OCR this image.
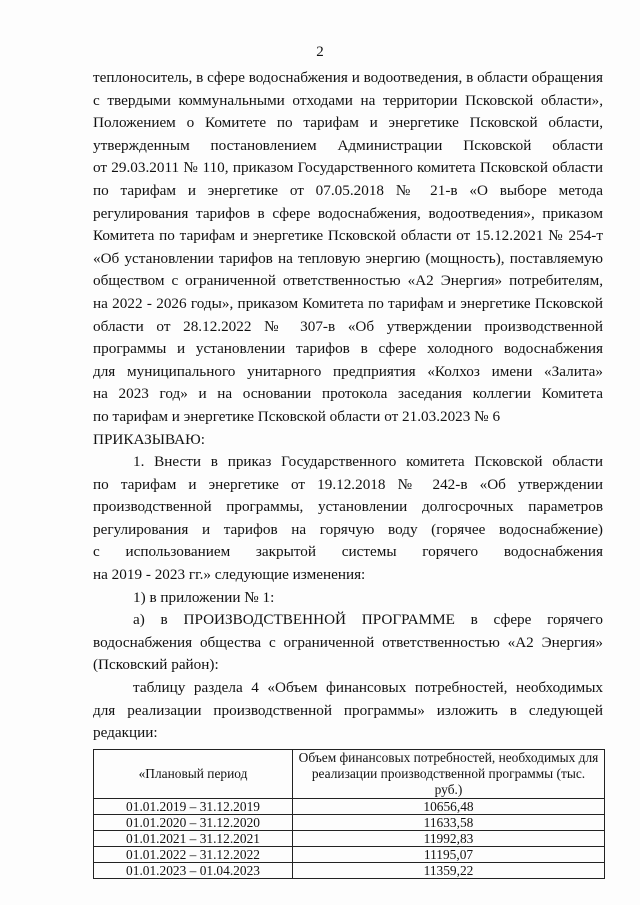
2

теплоноситель, в сфере водоснабжения и водоотведения, в области обращения

с твердыми коммунальными отходами на территории Псковской области»,

Положением о Комитете по тарифам и энергетике Псковской области,

утвержденным постановлением Администрации Псковской области

от 29.03.2011 № 110, приказом Государственного комитета Псковской области

по тарифам и энергетике от 07.05.2018 № 21-в «О выборе метода

регулирования тарифов в сфере водоснабжения, водоотведения», приказом

Комитета по тарифам и энергетике Псковской области от 15.12.2021 № 254-т

«Об установлении тарифов на тепловую энергию (мощность), поставляемую

обществом с ограниченной ответственностью «А2 Энергия» потребителям,

на 2022 - 2026 годы», приказом Комитета по тарифам и энергетике Псковской

области от 28.12.2022 № 307-в «Об утверждении производственной

программы и установлении тарифов в сфере холодного водоснабжения

для муниципального унитарного предприятия «Колхоз имени «Залита»

на 2023 год» и на основании протокола заседания коллегии Комитета

по тарифам и энергетике Псковской области от 21.03.2023 № 6

ПРИКАЗЫВАЮ:

1. Внести в приказ Государственного комитета Псковской области

по тарифам и энергетике от 19.12.2018 № 242-в «Об утверждении

производственной программы, установлении долгосрочных параметров

регулирования и тарифов на горячую воду (горячее водоснабжение)

с использованием закрытой системы горячего водоснабжения

на 2019 - 2023 гг.» следующие изменения:

1) в приложении № 1:

а) в ПРОИЗВОДСТВЕННОЙ ПРОГРАММЕ в сфере горячего

водоснабжения общества с ограниченной ответственностью «А2 Энергия»

(Псковский район):

таблицу раздела 4 «Объем финансовых потребностей, необходимых

для реализации производственной программы» изложить в следующей

редакции:

«Плановый период	Объем финансовых потребностей, необходимых для реализации производственной программы (тыс. руб.)
01.01.2019 – 31.12.2019	10656,48
01.01.2020 – 31.12.2020	11633,58
01.01.2021 – 31.12.2021	11992,83
01.01.2022 – 31.12.2022	11195,07
01.01.2023 – 01.04.2023	11359,22
